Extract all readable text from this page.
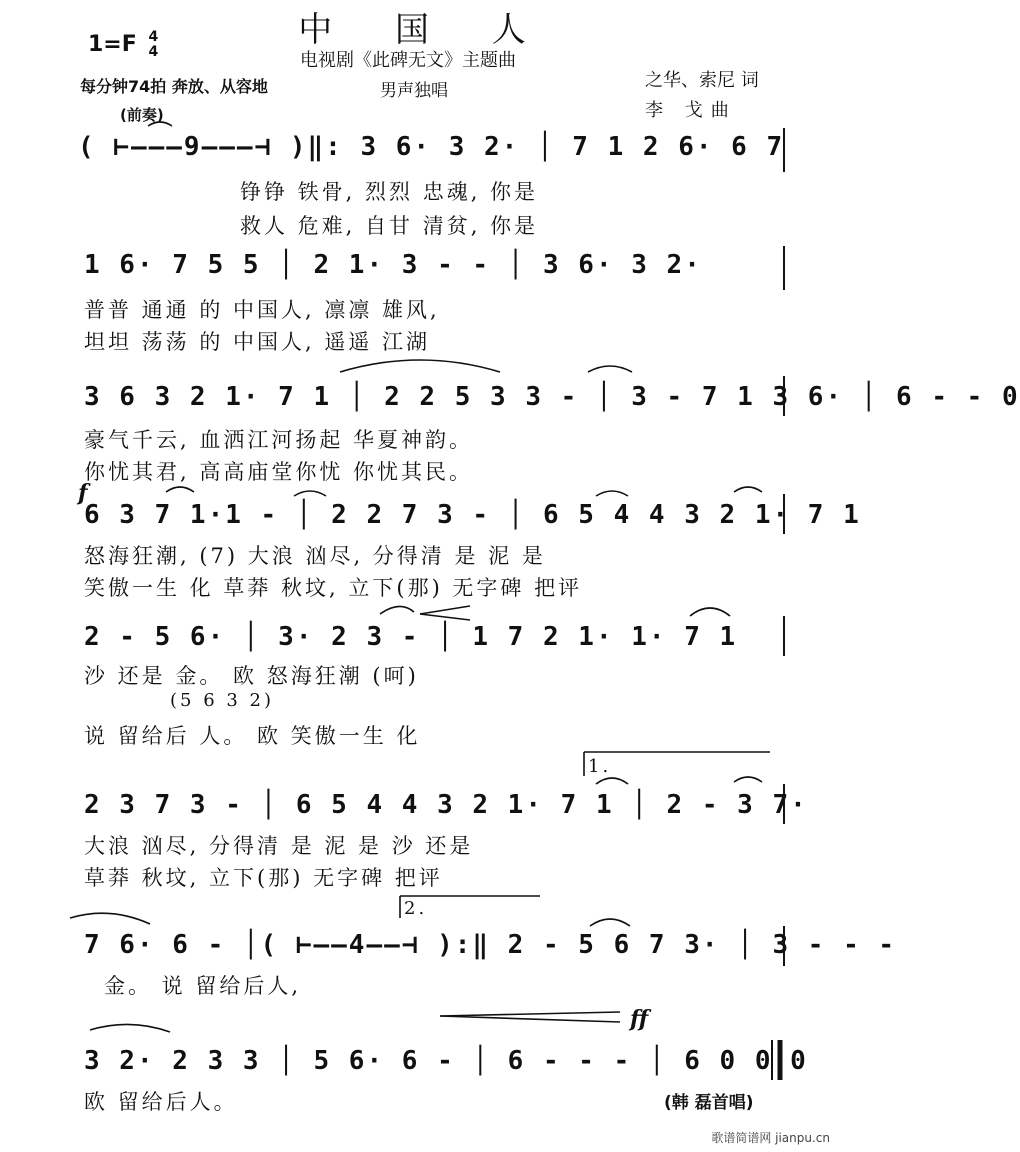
中 国 人
电视剧《此碑无文》主题曲
1=F 4
4
每分钟74拍 奔放、从容地	男声独唱	之华、索尼 词
李 戈曲
(前奏)
( ⊢———9———⊣ )‖: 3 6· 3 2· │ 7 1 2 6· 6 7
铮铮 铁骨, 烈烈 忠魂, 你是
救人 危难, 自甘 清贫, 你是
1 6· 7 5 5 │ 2 1· 3 - - │ 3 6· 3 2·
普普 通通 的 中国人, 凛凛 雄风,
坦坦 荡荡 的 中国人, 遥遥 江湖
3 6 3 2 1· 7 1 │ 2 2 5 3 3 - │ 3 - 7 1 3 6· │ 6 - - 0
豪气千云, 血洒江河扬起 华夏神韵。
你忧其君, 高高庙堂你忧 你忧其民。
f
6 3 7 1·1 - │ 2 2 7 3 - │ 6 5 4 4 3 2 1· 7 1
怒海狂潮, (7) 大浪 汹尽, 分得清 是 泥 是
笑傲一生 化 草莽 秋坟, 立下(那) 无字碑 把评
2 - 5 6· │ 3· 2 3 - │ 1 7 2 1· 1· 7 1
沙 还是 金。 欧 怒海狂潮 (呵)
(5 6 3 2)
说 留给后 人。 欧 笑傲一生 化
1.
2 3 7 3 - │ 6 5 4 4 3 2 1· 7 1 │ 2 - 3 7·
大浪 汹尽, 分得清 是 泥 是 沙 还是
草莽 秋坟, 立下(那) 无字碑 把评
2.
7 6· 6 - │( ⊢——4——⊣ ):‖ 2 - 5 6 7 3· │ 3 - - -
金。 说 留给后人,
ff
3 2· 2 3 3 │ 5 6· 6 - │ 6 - - - │ 6 0 0 0
欧 留给后人。	(韩 磊首唱)
歌谱简谱网 jianpu.cn
